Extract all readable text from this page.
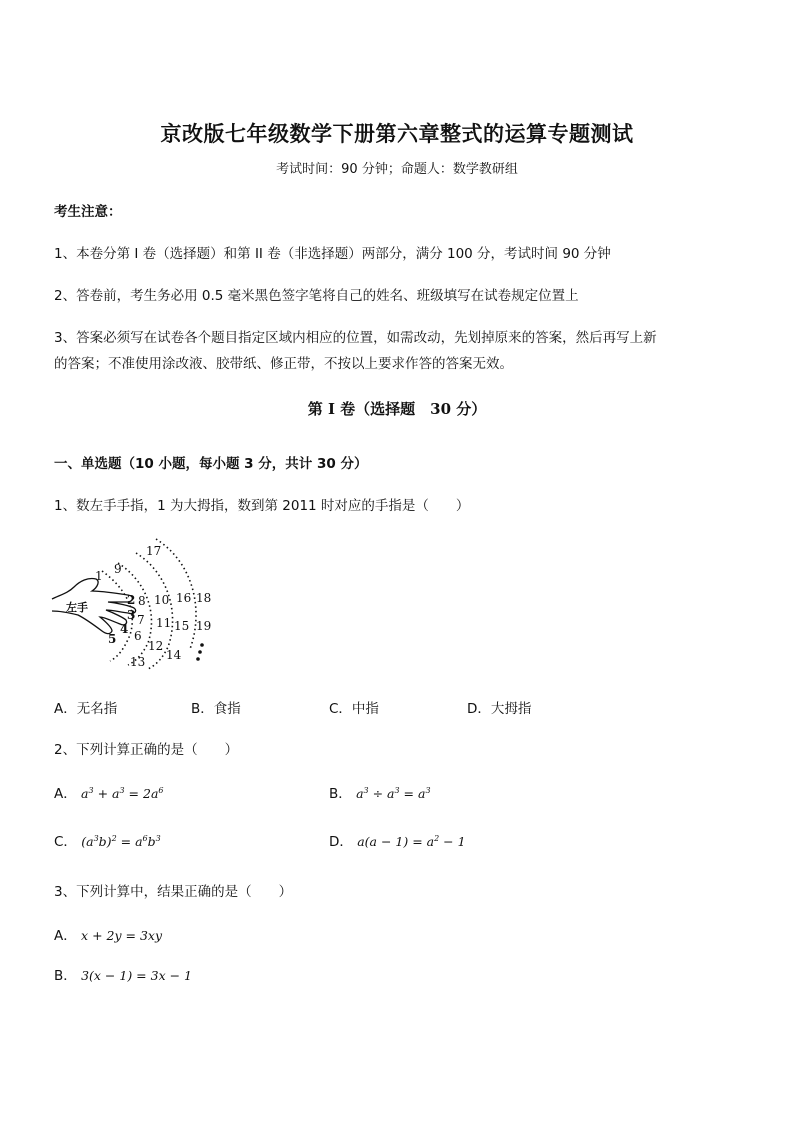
京改版七年级数学下册第六章整式的运算专题测试
考试时间：90 分钟；命题人：数学教研组
考生注意：
1、本卷分第 I 卷（选择题）和第 II 卷（非选择题）两部分，满分 100 分，考试时间 90 分钟
2、答卷前，考生务必用 0.5 毫米黑色签字笔将自己的姓名、班级填写在试卷规定位置上
3、答案必须写在试卷各个题目指定区域内相应的位置，如需改动，先划掉原来的答案，然后再写上新
的答案；不准使用涂改液、胶带纸、修正带，不按以上要求作答的答案无效。
第 I 卷（选择题　30 分）
一、单选题（10 小题，每小题 3 分，共计 30 分）
1、数左手手指，1 为大拇指，数到第 2011 时对应的手指是（　　）
左手
1
2
3
4
5 6
7
8
9
10
11
12
13 14
15
16
17
18
19
A．无名指	B．食指	C．中指	D．大拇指
2、下列计算正确的是（　　）
A． $a^3 + a^3 = 2a^6$	B． $a^3 \div a^3 = a^3$
C． $(a^3b)^2 = a^6b^3$	D． $a(a - 1) = a^2 - 1$
3、下列计算中，结果正确的是（　　）
A． x + 2y = 3xy
B． 3(x − 1) = 3x − 1
